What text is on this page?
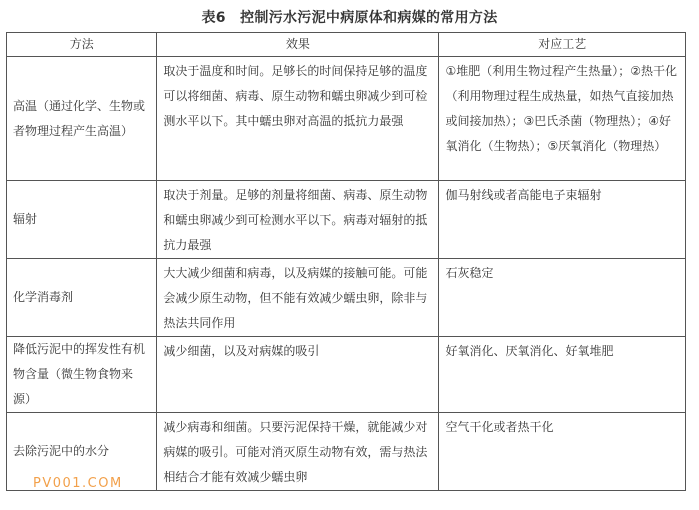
表6　控制污水污泥中病原体和病媒的常用方法
方法	效果	对应工艺
高温（通过化学、生物或者物理过程产生高温）	取决于温度和时间。足够长的时间保持足够的温度可以将细菌、病毒、原生动物和蠕虫卵减少到可检测水平以下。其中蠕虫卵对高温的抵抗力最强	①堆肥（利用生物过程产生热量）；②热干化（利用物理过程生成热量，如热气直接加热或间接加热）；③巴氏杀菌（物理热）；④好氧消化（生物热）；⑤厌氧消化（物理热）
辐射	取决于剂量。足够的剂量将细菌、病毒、原生动物和蠕虫卵减少到可检测水平以下。病毒对辐射的抵抗力最强	伽马射线或者高能电子束辐射
化学消毒剂	大大减少细菌和病毒，以及病媒的接触可能。可能会减少原生动物，但不能有效减少蠕虫卵，除非与热法共同作用	石灰稳定
降低污泥中的挥发性有机物含量（微生物食物来源）	减少细菌，以及对病媒的吸引	好氧消化、厌氧消化、好氧堆肥
去除污泥中的水分	减少病毒和细菌。只要污泥保持干燥，就能减少对病媒的吸引。可能对消灭原生动物有效，需与热法相结合才能有效减少蠕虫卵	空气干化或者热干化
PV001.COM
